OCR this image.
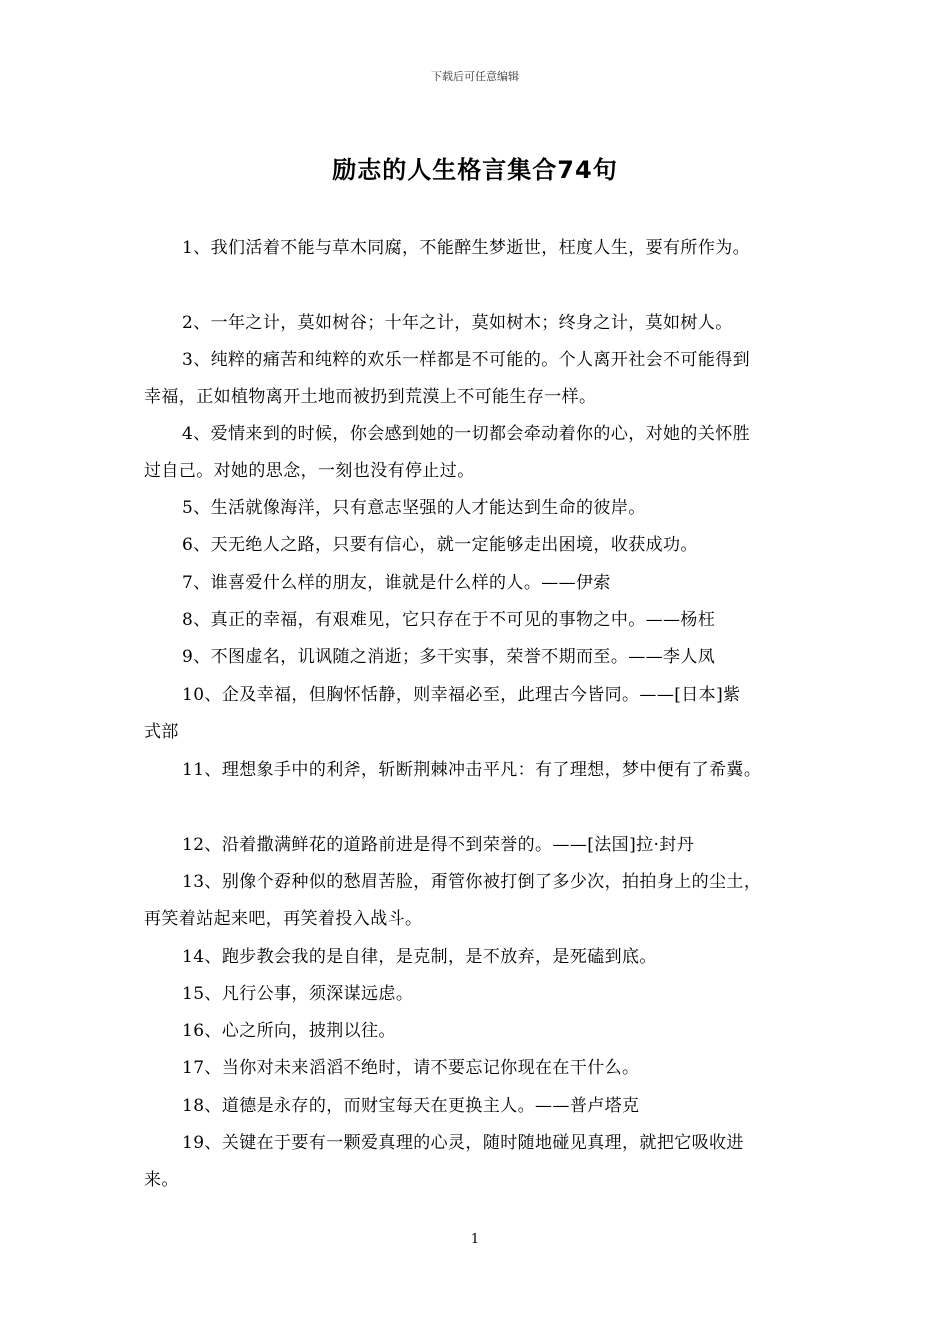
下载后可任意编辑
励志的人生格言集合74句
1、我们活着不能与草木同腐，不能醉生梦逝世，枉度人生，要有所作为。
2、一年之计，莫如树谷；十年之计，莫如树木；终身之计，莫如树人。
3、纯粹的痛苦和纯粹的欢乐一样都是不可能的。个人离开社会不可能得到
幸福，正如植物离开土地而被扔到荒漠上不可能生存一样。
4、爱情来到的时候，你会感到她的一切都会牵动着你的心，对她的关怀胜
过自己。对她的思念，一刻也没有停止过。
5、生活就像海洋，只有意志坚强的人才能达到生命的彼岸。
6、天无绝人之路，只要有信心，就一定能够走出困境，收获成功。
7、谁喜爱什么样的朋友，谁就是什么样的人。——伊索
8、真正的幸福，有艰难见，它只存在于不可见的事物之中。——杨枉
9、不图虚名，讥讽随之消逝；多干实事，荣誉不期而至。——李人凤
10、企及幸福，但胸怀恬静，则幸福必至，此理古今皆同。——[日本]紫
式部
11、理想象手中的利斧，斩断荆棘冲击平凡：有了理想，梦中便有了希冀。
12、沿着撒满鲜花的道路前进是得不到荣誉的。——[法国]拉·封丹
13、别像个孬种似的愁眉苦脸，甭管你被打倒了多少次，拍拍身上的尘土，
再笑着站起来吧，再笑着投入战斗。
14、跑步教会我的是自律，是克制，是不放弃，是死磕到底。
15、凡行公事，须深谋远虑。
16、心之所向，披荆以往。
17、当你对未来滔滔不绝时，请不要忘记你现在在干什么。
18、道德是永存的，而财宝每天在更换主人。——普卢塔克
19、关键在于要有一颗爱真理的心灵，随时随地碰见真理，就把它吸收进
来。
1
